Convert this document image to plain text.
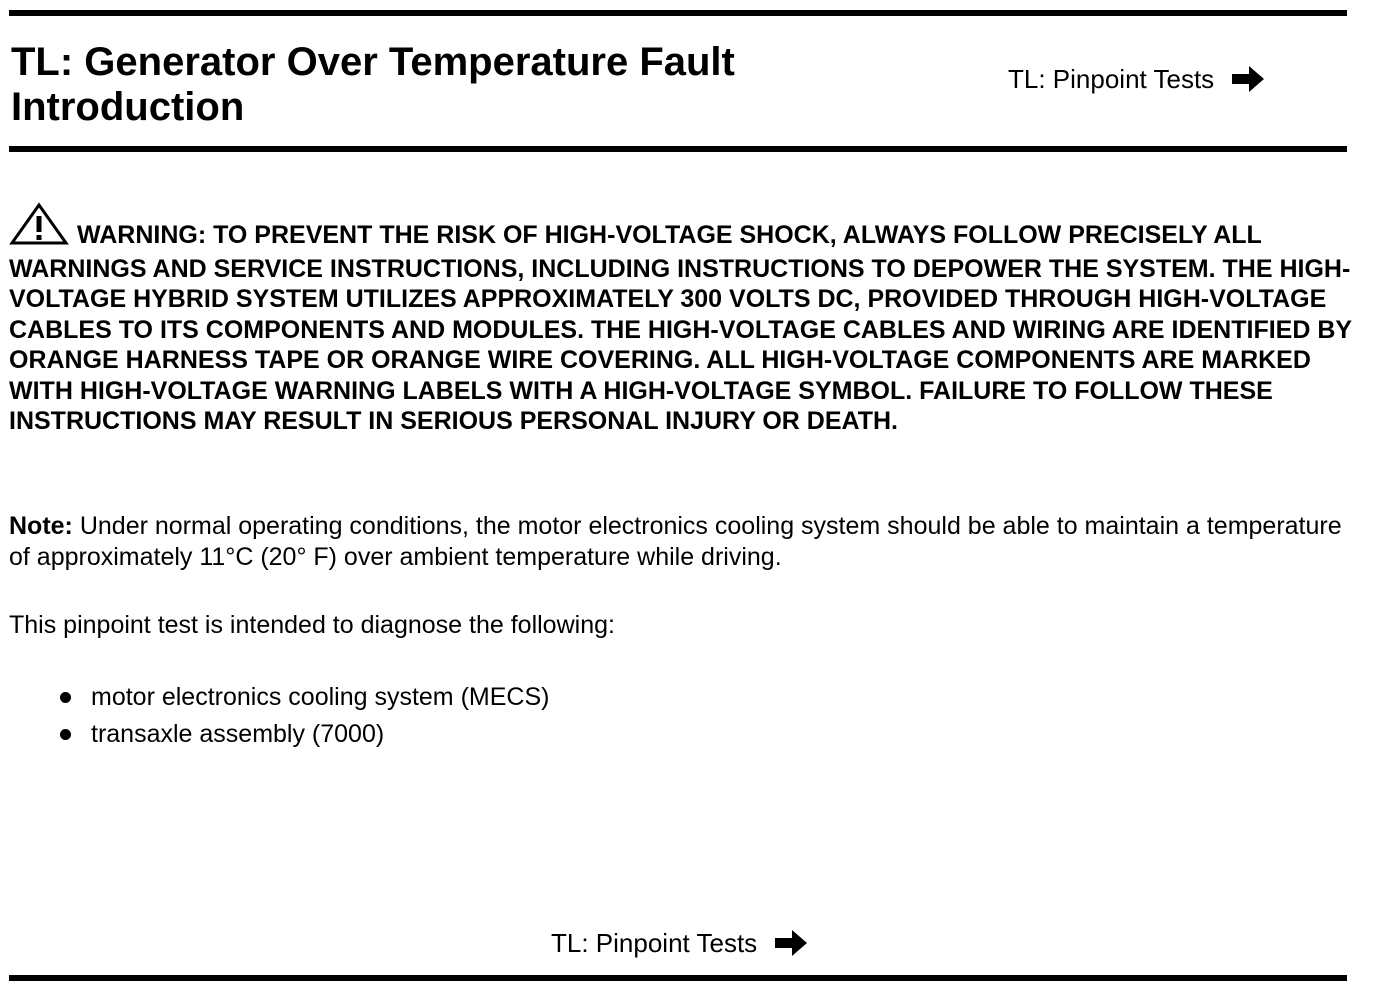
TL: Generator Over Temperature Fault
Introduction
TL: Pinpoint Tests

WARNING: TO PREVENT THE RISK OF HIGH-VOLTAGE SHOCK, ALWAYS FOLLOW PRECISELY ALL WARNINGS AND SERVICE INSTRUCTIONS, INCLUDING INSTRUCTIONS TO DEPOWER THE SYSTEM. THE HIGH-VOLTAGE HYBRID SYSTEM UTILIZES APPROXIMATELY 300 VOLTS DC, PROVIDED THROUGH HIGH-VOLTAGE CABLES TO ITS COMPONENTS AND MODULES. THE HIGH-VOLTAGE CABLES AND WIRING ARE IDENTIFIED BY ORANGE HARNESS TAPE OR ORANGE WIRE COVERING. ALL HIGH-VOLTAGE COMPONENTS ARE MARKED WITH HIGH-VOLTAGE WARNING LABELS WITH A HIGH-VOLTAGE SYMBOL. FAILURE TO FOLLOW THESE INSTRUCTIONS MAY RESULT IN SERIOUS PERSONAL INJURY OR DEATH.

Note: Under normal operating conditions, the motor electronics cooling system should be able to maintain a temperature of approximately 11°C (20° F) over ambient temperature while driving.

This pinpoint test is intended to diagnose the following:

motor electronics cooling system (MECS)
transaxle assembly (7000)
TL: Pinpoint Tests
